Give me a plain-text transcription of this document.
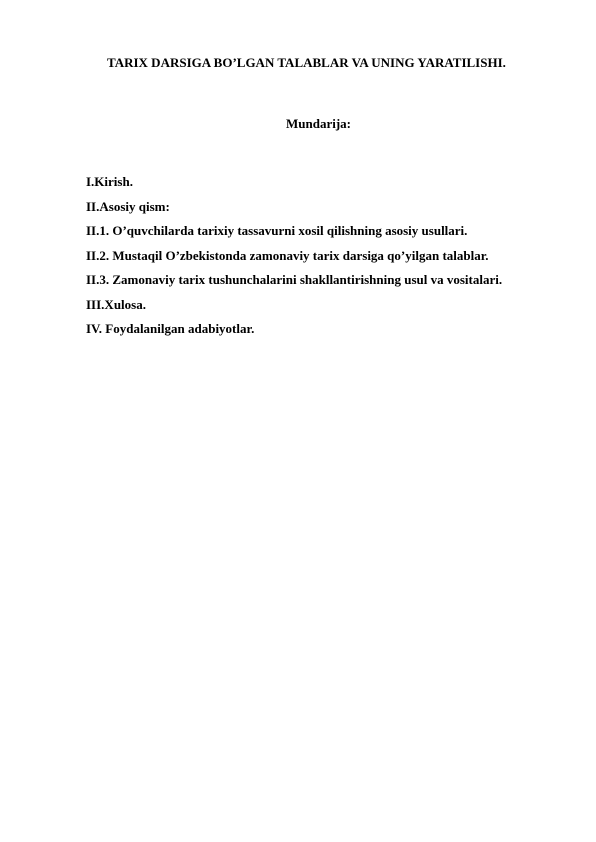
TARIX DARSIGA BO’LGAN TALABLAR VA UNING YARATILISHI.
Mundarija:
I.Kirish.
II.Asosiy qism:
II.1. O’quvchilarda tarixiy tassavurni xosil qilishning asosiy usullari.
II.2. Mustaqil O’zbekistonda zamonaviy tarix darsiga qo’yilgan talablar.
II.3. Zamonaviy tarix tushunchalarini shakllantirishning usul va vositalari.
III.Xulosa.
IV. Foydalanilgan adabiyotlar.
